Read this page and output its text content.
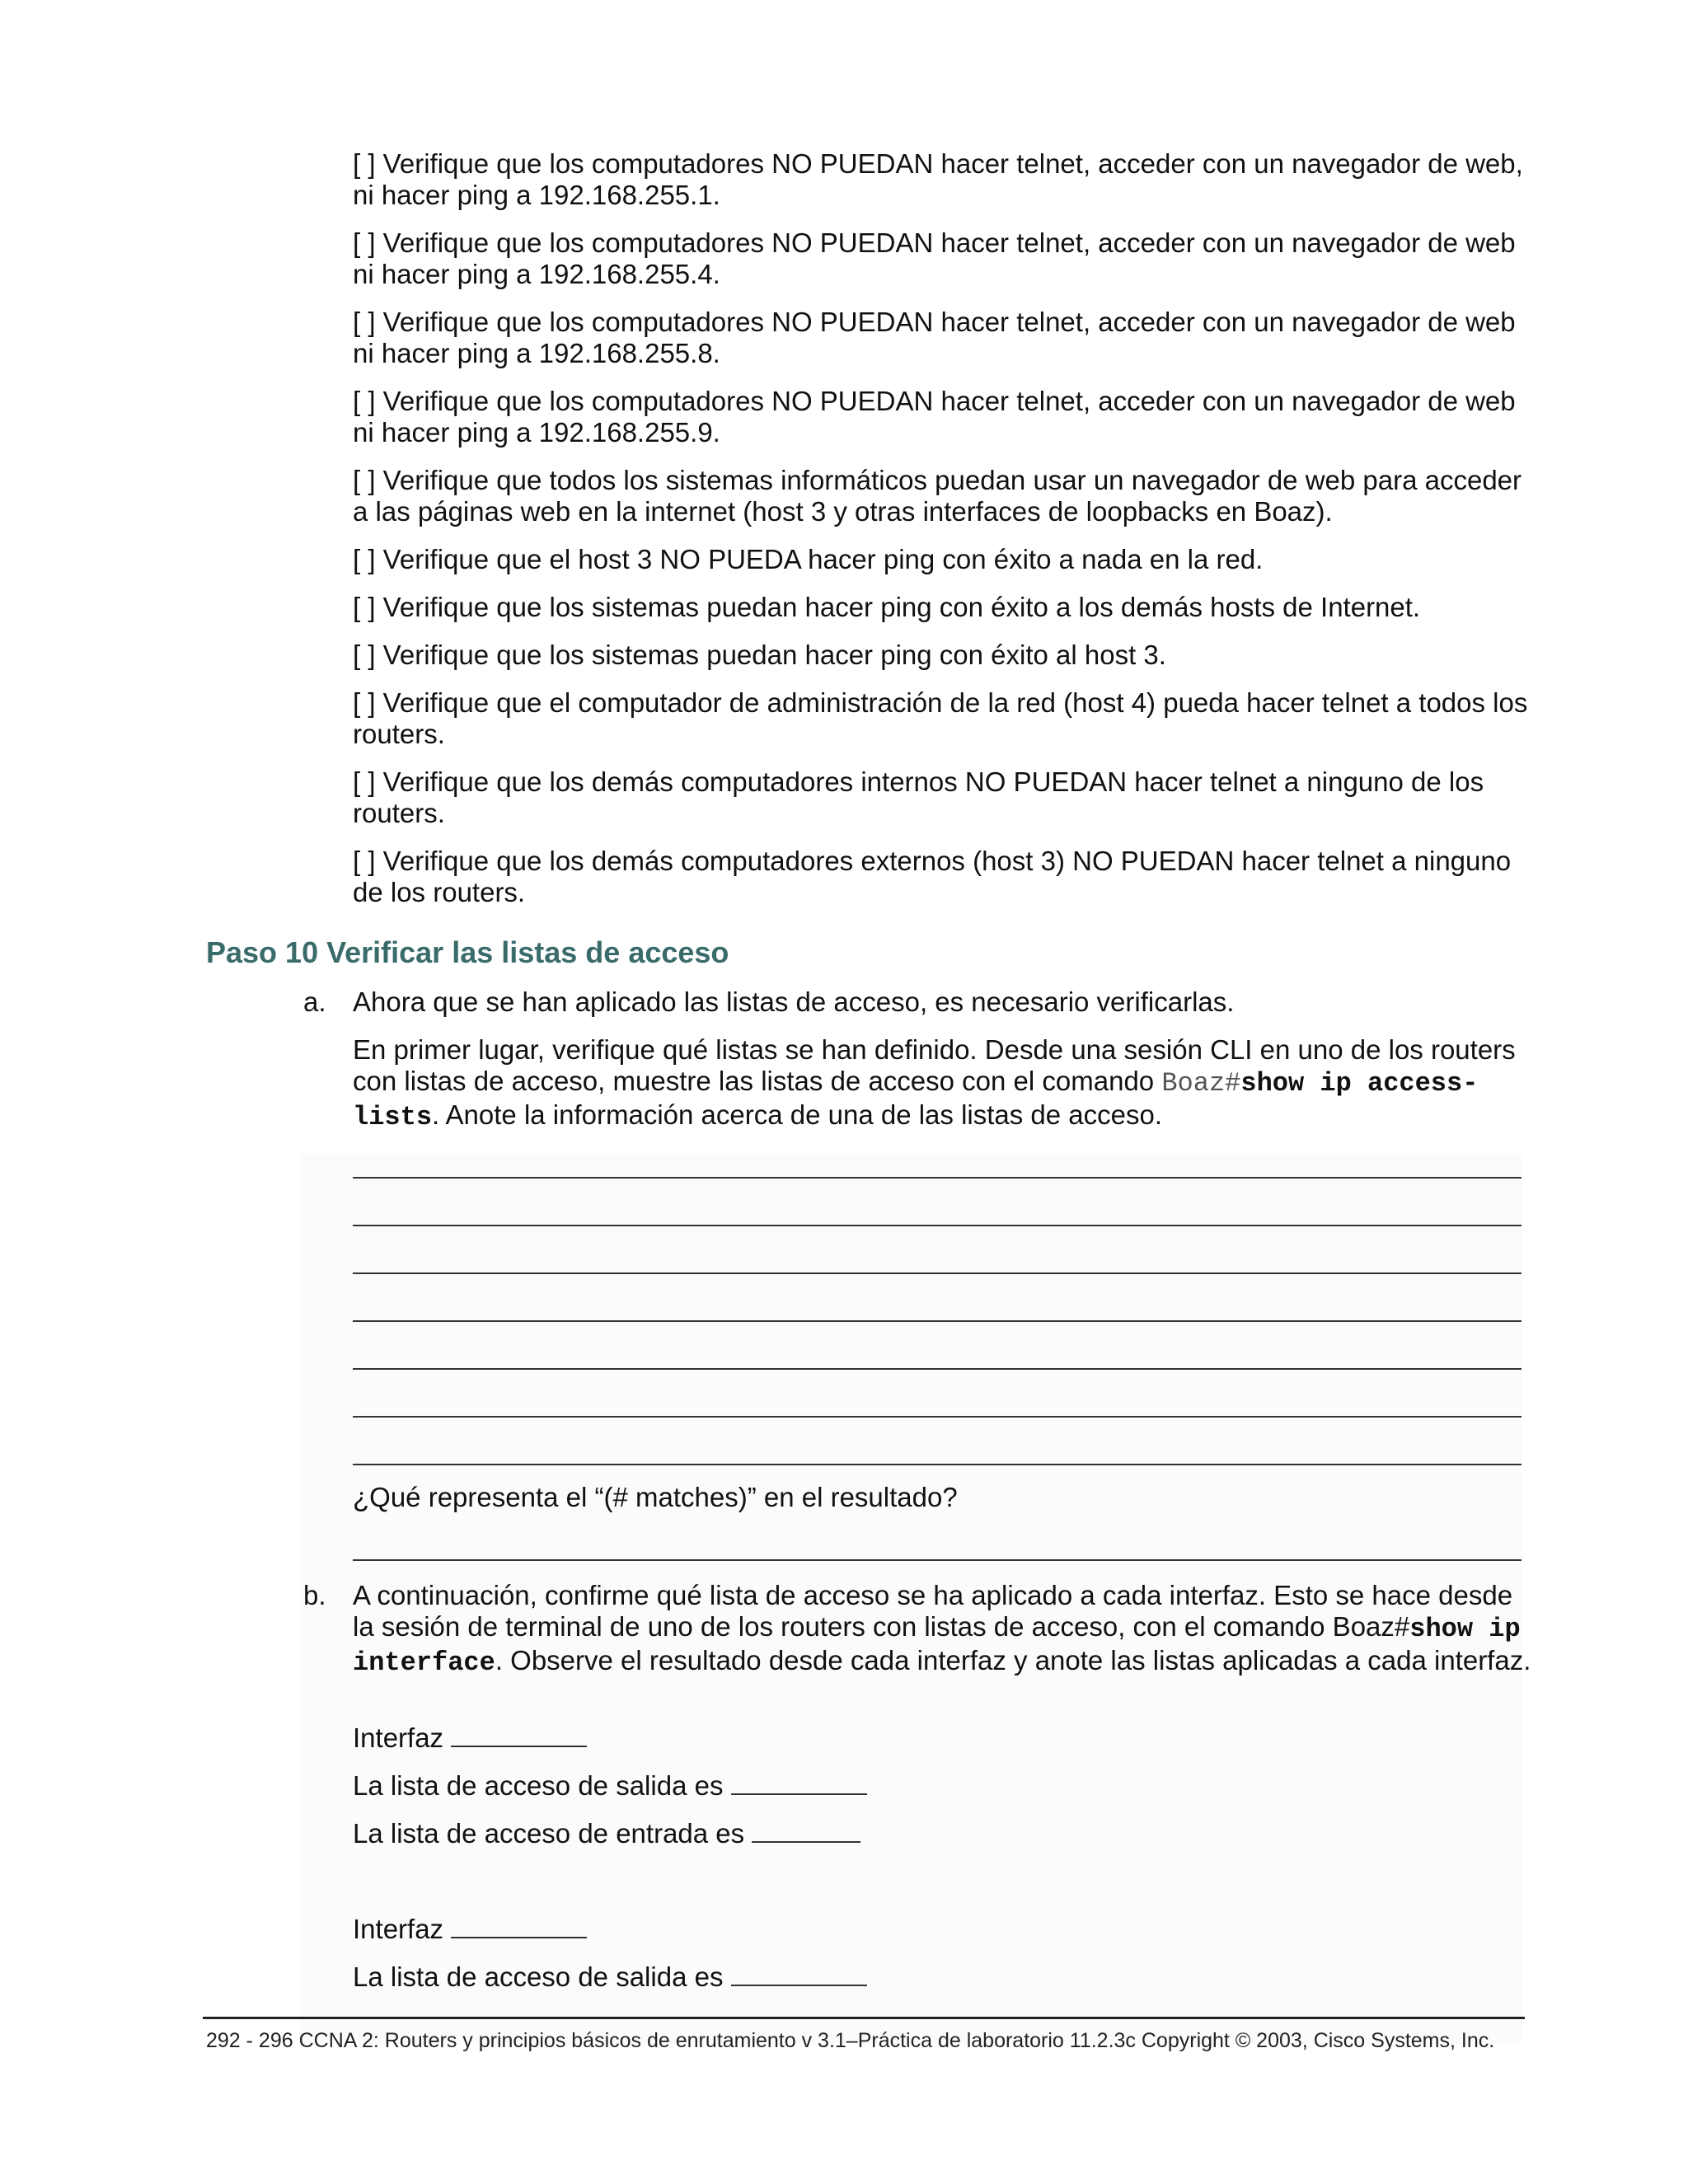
[ ] Verifique que los computadores NO PUEDAN hacer telnet, acceder con un navegador de web, ni hacer ping a 192.168.255.1.

[ ] Verifique que los computadores NO PUEDAN hacer telnet, acceder con un navegador de web ni hacer ping a 192.168.255.4.

[ ] Verifique que los computadores NO PUEDAN hacer telnet, acceder con un navegador de web ni hacer ping a 192.168.255.8.

[ ] Verifique que los computadores NO PUEDAN hacer telnet, acceder con un navegador de web ni hacer ping a 192.168.255.9.

[ ] Verifique que todos los sistemas informáticos puedan usar un navegador de web para acceder a las páginas web en la internet (host 3 y otras interfaces de loopbacks en Boaz).

[ ] Verifique que el host 3 NO PUEDA hacer ping con éxito a nada en la red.

[ ] Verifique que los sistemas puedan hacer ping con éxito a los demás hosts de Internet.

[ ] Verifique que los sistemas puedan hacer ping con éxito al host 3.

[ ] Verifique que el computador de administración de la red (host 4) pueda hacer telnet a todos los routers.

[ ] Verifique que los demás computadores internos NO PUEDAN hacer telnet a ninguno de los routers.

[ ] Verifique que los demás computadores externos (host 3) NO PUEDAN hacer telnet a ninguno de los routers.

Paso 10 Verificar las listas de acceso
a. Ahora que se han aplicado las listas de acceso, es necesario verificarlas.

En primer lugar, verifique qué listas se han definido. Desde una sesión CLI en uno de los routers con listas de acceso, muestre las listas de acceso con el comando Boaz#show ip access-lists. Anote la información acerca de una de las listas de acceso.

¿Qué representa el “(# matches)” en el resultado?

b. A continuación, confirme qué lista de acceso se ha aplicado a cada interfaz. Esto se hace desde la sesión de terminal de uno de los routers con listas de acceso, con el comando Boaz#show ip interface. Observe el resultado desde cada interfaz y anote las listas aplicadas a cada interfaz.

Interfaz

La lista de acceso de salida es

La lista de acceso de entrada es

Interfaz

La lista de acceso de salida es

292 - 296 CCNA 2: Routers y principios básicos de enrutamiento v 3.1–Práctica de laboratorio 11.2.3c Copyright © 2003, Cisco Systems, Inc.
